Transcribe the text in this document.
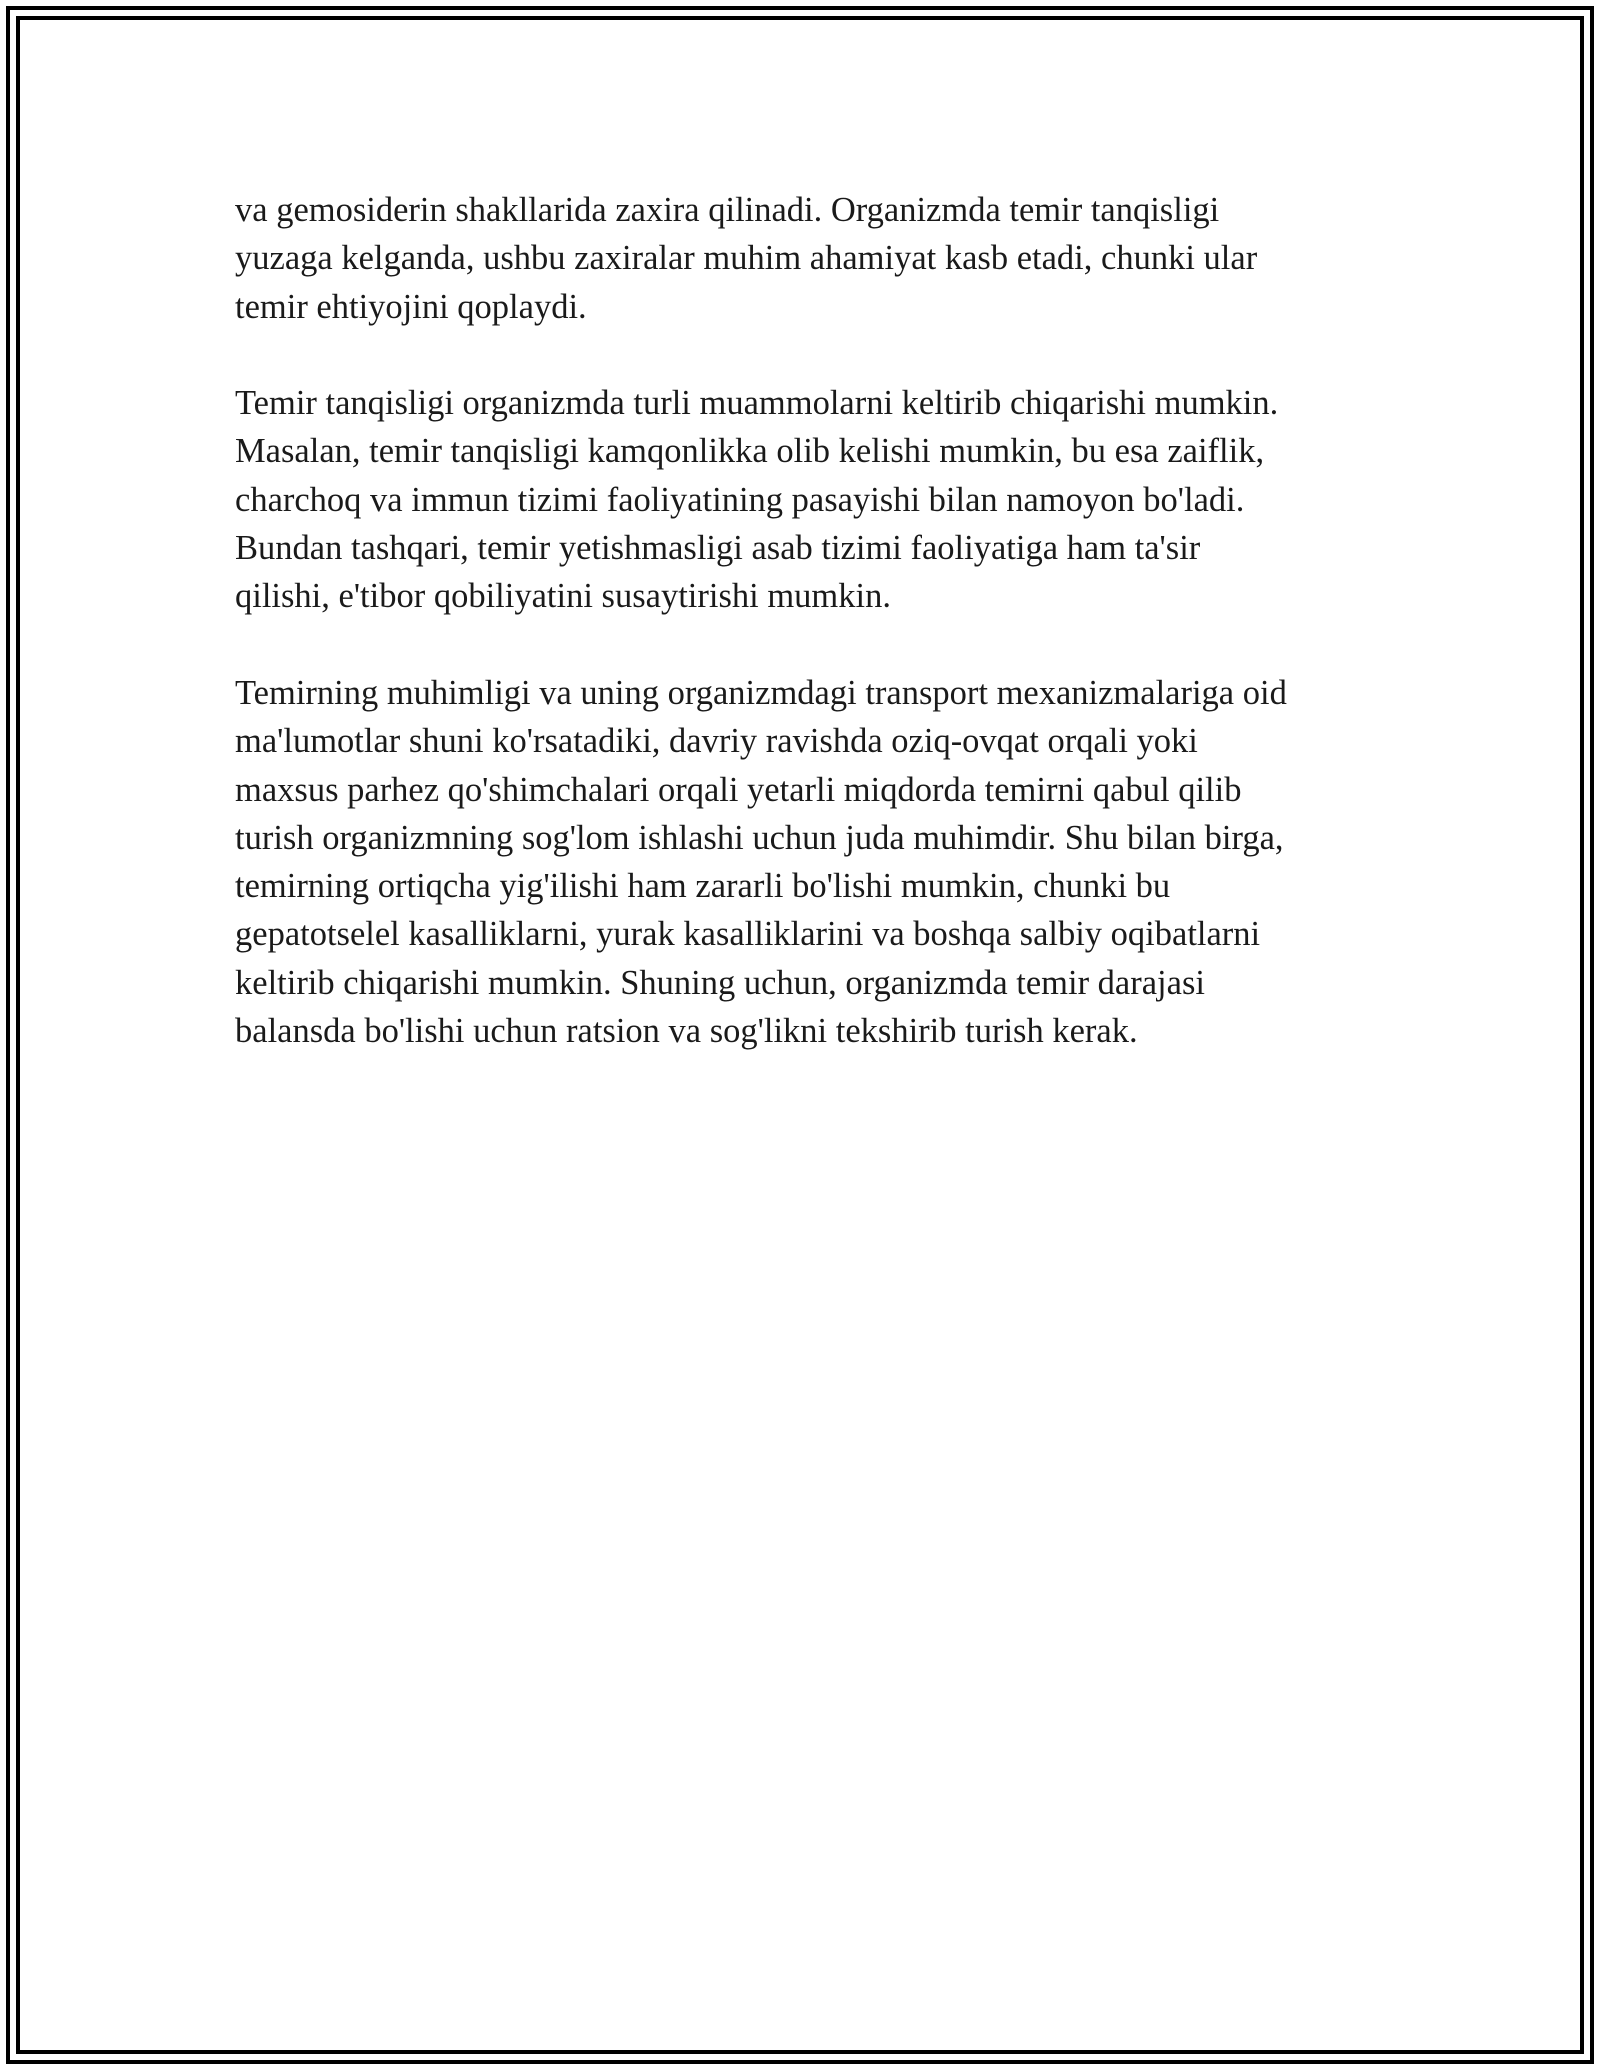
va gemosiderin shakllarida zaxira qilinadi. Organizmda temir tanqisligi
yuzaga kelganda, ushbu zaxiralar muhim ahamiyat kasb etadi, chunki ular
temir ehtiyojini qoplaydi.

Temir tanqisligi organizmda turli muammolarni keltirib chiqarishi mumkin.
Masalan, temir tanqisligi kamqonlikka olib kelishi mumkin, bu esa zaiflik,
charchoq va immun tizimi faoliyatining pasayishi bilan namoyon bo'ladi.
Bundan tashqari, temir yetishmasligi asab tizimi faoliyatiga ham ta'sir
qilishi, e'tibor qobiliyatini susaytirishi mumkin.

Temirning muhimligi va uning organizmdagi transport mexanizmalariga oid
ma'lumotlar shuni ko'rsatadiki, davriy ravishda oziq-ovqat orqali yoki
maxsus parhez qo'shimchalari orqali yetarli miqdorda temirni qabul qilib
turish organizmning sog'lom ishlashi uchun juda muhimdir. Shu bilan birga,
temirning ortiqcha yig'ilishi ham zararli bo'lishi mumkin, chunki bu
gepatotselel kasalliklarni, yurak kasalliklarini va boshqa salbiy oqibatlarni
keltirib chiqarishi mumkin. Shuning uchun, organizmda temir darajasi
balansda bo'lishi uchun ratsion va sog'likni tekshirib turish kerak.
